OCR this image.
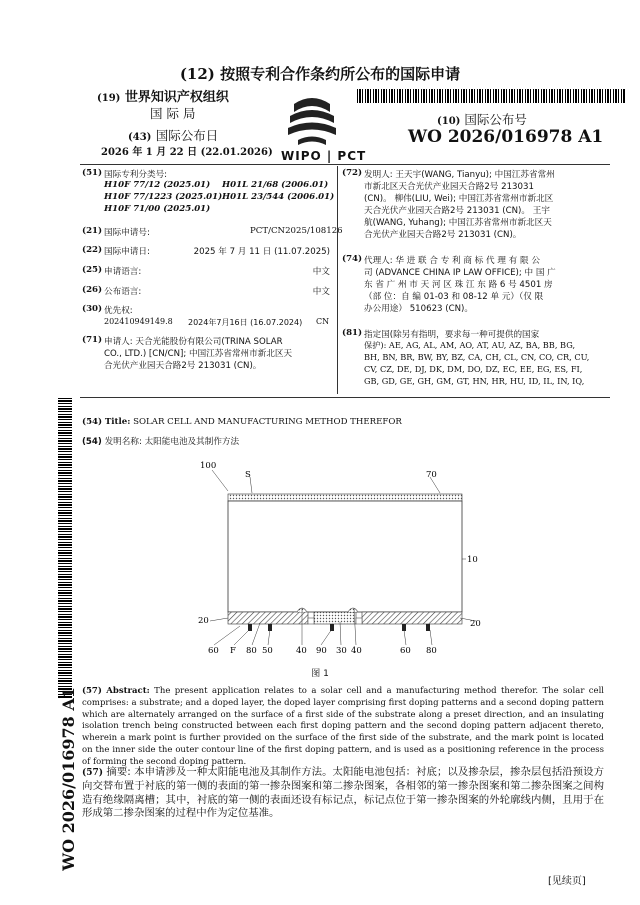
(12) 按照专利合作条约所公布的国际申请
(19) 世界知识产权组织
国 际 局
(43) 国际公布日
2026 年 1 月 22 日 (22.01.2026) WIPO | PCT
(10) 国际公布号
WO 2026/016978 A1
(51) 国际专利分类号:
H10F 77/12 (2025.01) H01L 21/68 (2006.01)
H10F 77/1223 (2025.01) H01L 23/544 (2006.01)
H10F 71/00 (2025.01)
(21) 国际申请号:	PCT/CN2025/108126
(22) 国际申请日:	2025 年 7 月 11 日 (11.07.2025)
(25) 申请语言:	中文
(26) 公布语言:	中文
(30) 优先权:
202410949149.8 2024年7月16日 (16.07.2024) CN
(71) 申请人: 天合光能股份有限公司(TRINA SOLAR
CO., LTD.) [CN/CN]; 中国江苏省常州市新北区天
合光伏产业园天合路2号 213031 (CN)。
(72) 发明人: 王天宇(WANG, Tianyu); 中国江苏省常州
市新北区天合光伏产业园天合路2号 213031
(CN)。 柳伟(LIU, Wei); 中国江苏省常州市新北区
天合光伏产业园天合路2号 213031 (CN)。 王宇
航(WANG, Yuhang); 中国江苏省常州市新北区天
合光伏产业园天合路2号 213031 (CN)。
(74) 代理人: 华 进 联 合 专 利 商 标 代 理 有 限 公
司 (ADVANCE CHINA IP LAW OFFICE); 中 国 广
东 省 广 州 市 天 河 区 珠 江 东 路 6 号 4501 房
（部 位：自 编 01-03 和 08-12 单 元）（仅 限
办公用途） 510623 (CN)。
(81) 指定国(除另有指明，要求每一种可提供的国家
保护): AE, AG, AL, AM, AO, AT, AU, AZ, BA, BB, BG,
BH, BN, BR, BW, BY, BZ, CA, CH, CL, CN, CO, CR, CU,
CV, CZ, DE, DJ, DK, DM, DO, DZ, EC, EE, EG, ES, FI,
GB, GD, GE, GH, GM, GT, HN, HR, HU, ID, IL, IN, IQ,
(54) Title: SOLAR CELL AND MANUFACTURING METHOD THEREFOR
(54) 发明名称: 太阳能电池及其制作方法
100
S	70
10
20	20
60 F 80 50	40 90 30 40	60 80
图 1
(57) Abstract: The present application relates to a solar cell and a manufacturing method therefor. The solar cell comprises: a substrate; and a doped layer, the doped layer comprising first doping patterns and a second doping pattern which are alternately arranged on the surface of a first side of the substrate along a preset direction, and an insulating isolation trench being constructed between each first doping pattern and the second doping pattern adjacent thereto, wherein a mark point is further provided on the surface of the first side of the substrate, and the mark point is located on the inner side the outer contour line of the first doping pattern, and is used as a positioning reference in the process of forming the second doping pattern.
(57) 摘要: 本申请涉及一种太阳能电池及其制作方法。太阳能电池包括：衬底；以及掺杂层，掺杂层包括沿预设方向交替布置于衬底的第一侧的表面的第一掺杂图案和第二掺杂图案，各相邻的第一掺杂图案和第二掺杂图案之间构造有绝缘隔离槽；其中，衬底的第一侧的表面还设有标记点，标记点位于第一掺杂图案的外轮廓线内侧，且用于在形成第二掺杂图案的过程中作为定位基准。
WO 2026/016978 A1
[见续页]
